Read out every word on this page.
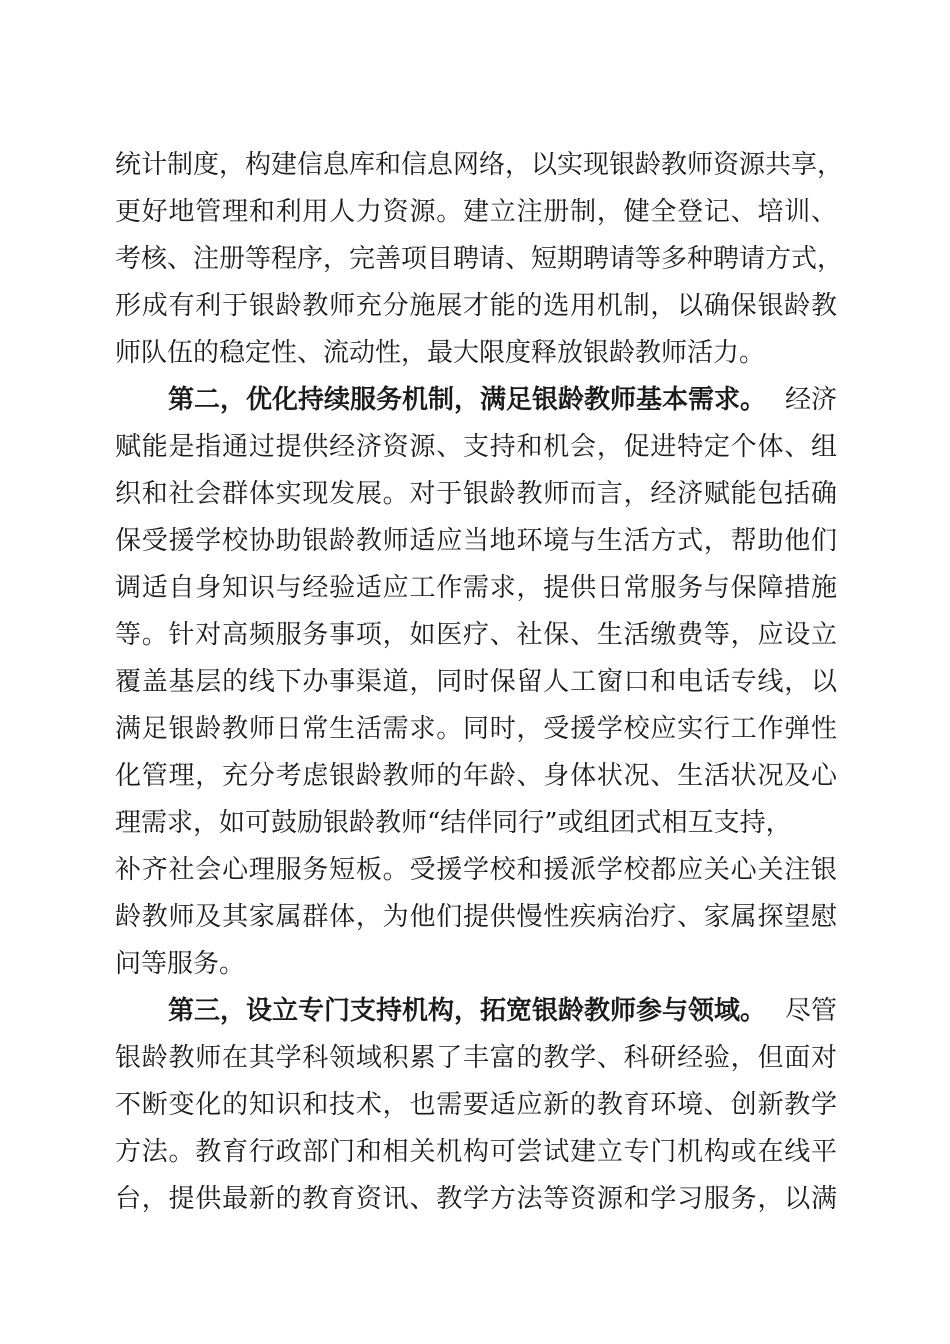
统计制度，构建信息库和信息网络，以实现银龄教师资源共享，
更好地管理和利用人力资源。建立注册制，健全登记、培训、
考核、注册等程序，完善项目聘请、短期聘请等多种聘请方式，
形成有利于银龄教师充分施展才能的选用机制，以确保银龄教
师队伍的稳定性、流动性，最大限度释放银龄教师活力。
第二，优化持续服务机制，满足银龄教师基本需求。 经济
赋能是指通过提供经济资源、支持和机会，促进特定个体、组
织和社会群体实现发展。对于银龄教师而言，经济赋能包括确
保受援学校协助银龄教师适应当地环境与生活方式，帮助他们
调适自身知识与经验适应工作需求，提供日常服务与保障措施
等。针对高频服务事项，如医疗、社保、生活缴费等，应设立
覆盖基层的线下办事渠道，同时保留人工窗口和电话专线，以
满足银龄教师日常生活需求。同时，受援学校应实行工作弹性
化管理，充分考虑银龄教师的年龄、身体状况、生活状况及心
理需求，如可鼓励银龄教师“结伴同行”或组团式相互支持，
补齐社会心理服务短板。受援学校和援派学校都应关心关注银
龄教师及其家属群体，为他们提供慢性疾病治疗、家属探望慰
问等服务。
第三，设立专门支持机构，拓宽银龄教师参与领域。 尽管
银龄教师在其学科领域积累了丰富的教学、科研经验，但面对
不断变化的知识和技术，也需要适应新的教育环境、创新教学
方法。教育行政部门和相关机构可尝试建立专门机构或在线平
台，提供最新的教育资讯、教学方法等资源和学习服务，以满
